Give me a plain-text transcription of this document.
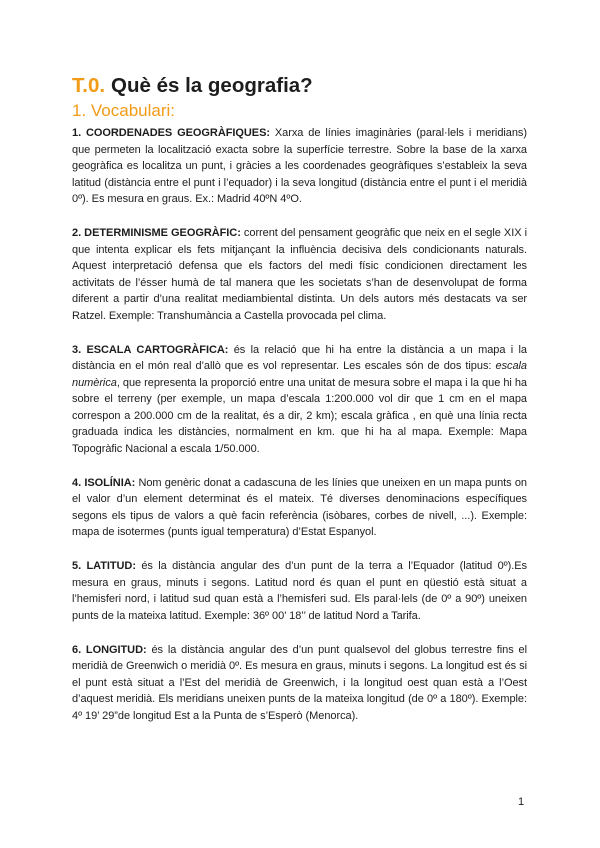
T.0. Què és la geografia?
1. Vocabulari:

1. COORDENADES GEOGRÀFIQUES: Xarxa de línies imaginàries (paral·lels i meridians) que permeten la localització exacta sobre la superfície terrestre. Sobre la base de la xarxa geogràfica es localitza un punt, i gràcies a les coordenades geogràfiques s’estableix la seva latitud (distància entre el punt i l’equador) i la seva longitud (distància entre el punt i el meridià 0º). Es mesura en graus. Ex.: Madrid 40ºN 4ºO.

2. DETERMINISME GEOGRÀFIC: corrent del pensament geogràfic que neix en el segle XIX i que intenta explicar els fets mitjançant la influència decisiva dels condicionants naturals. Aquest interpretació defensa que els factors del medi físic condicionen directament les activitats de l’ésser humà de tal manera que les societats s’han de desenvolupat de forma diferent a partir d’una realitat mediambiental distinta. Un dels autors més destacats va ser Ratzel. Exemple: Transhumància a Castella provocada pel clima.

3. ESCALA CARTOGRÀFICA: és la relació que hi ha entre la distància a un mapa i la distància en el món real d’allò que es vol representar. Les escales són de dos tipus: escala numèrica, que representa la proporció entre una unitat de mesura sobre el mapa i la que hi ha sobre el terreny (per exemple, un mapa d’escala 1:200.000 vol dir que 1 cm en el mapa correspon a 200.000 cm de la realitat, és a dir, 2 km); escala gràfica , en què una línia recta graduada indica les distàncies, normalment en km. que hi ha al mapa. Exemple: Mapa Topogràfic Nacional a escala 1/50.000.

4. ISOLÍNIA: Nom genèric donat a cadascuna de les línies que uneixen en un mapa punts on el valor d’un element determinat és el mateix. Té diverses denominacions específiques segons els tipus de valors a què facin referència (isòbares, corbes de nivell, ...). Exemple: mapa de isotermes (punts igual temperatura) d’Estat Espanyol.

5. LATITUD: és la distància angular des d’un punt de la terra a l’Equador (latitud 0º).Es mesura en graus, minuts i segons. Latitud nord és quan el punt en qüestió està situat a l’hemisferi nord, i latitud sud quan està a l’hemisferi sud. Els paral·lels (de 0º a 90º) uneixen punts de la mateixa latitud. Exemple: 36º 00’ 18’’ de latitud Nord a Tarifa.

6. LONGITUD: és la distància angular des d’un punt qualsevol del globus terrestre fins el meridià de Greenwich o meridià 0º. Es mesura en graus, minuts i segons. La longitud est és si el punt està situat a l’Est del meridià de Greenwich, i la longitud oest quan està a l’Oest d’aquest meridià. Els meridians uneixen punts de la mateixa longitud (de 0º a 180º). Exemple: 4º 19’ 29”de longitud Est a la Punta de s’Esperò (Menorca).

1
